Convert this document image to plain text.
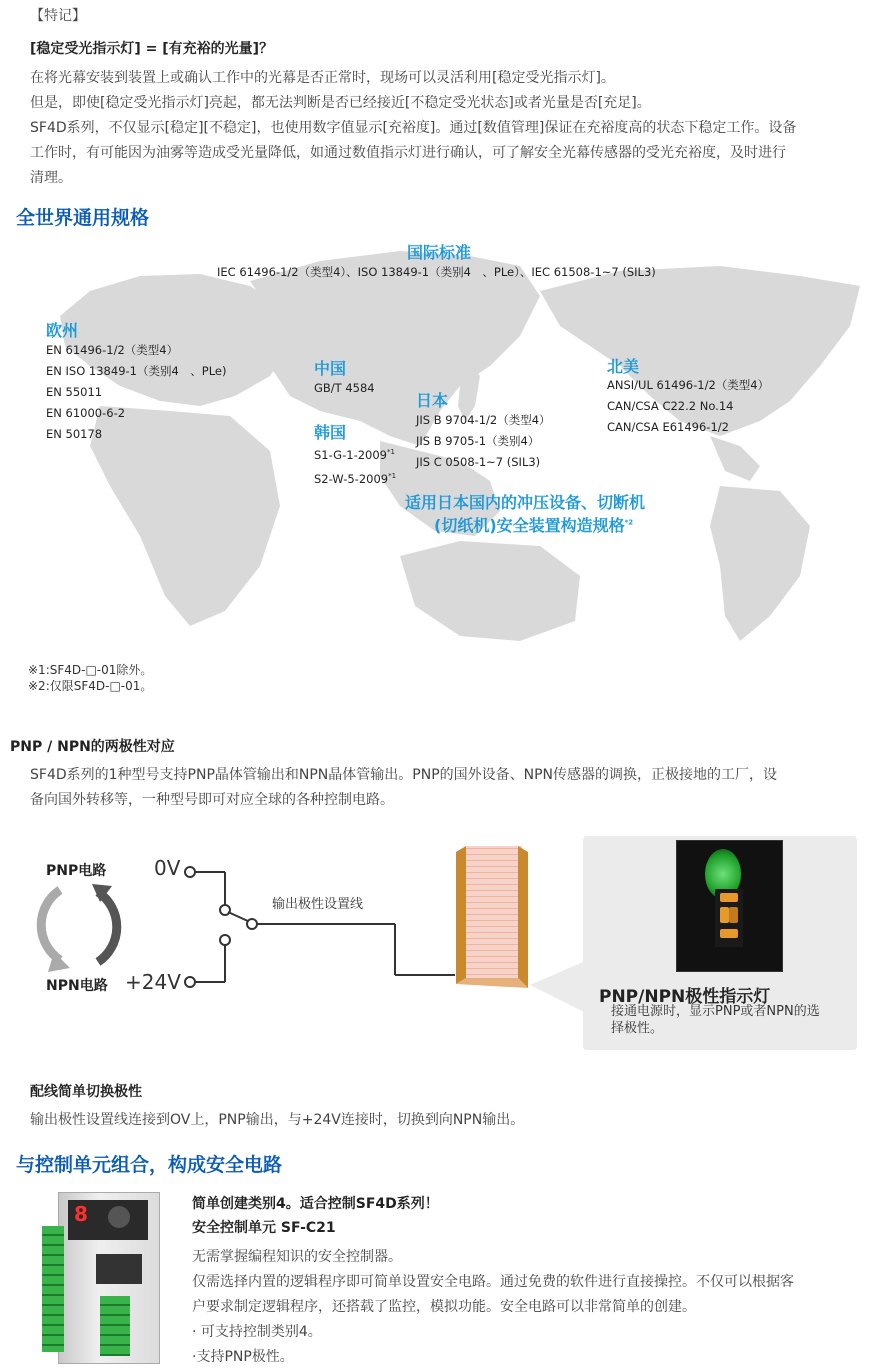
【特记】
[稳定受光指示灯] = [有充裕的光量]？
在将光幕安装到装置上或确认工作中的光幕是否正常时，现场可以灵活利用[稳定受光指示灯]。
但是，即使[稳定受光指示灯]亮起，都无法判断是否已经接近[不稳定受光状态]或者光量是否[充足]。
SF4D系列，不仅显示[稳定][不稳定]，也使用数字值显示[充裕度]。通过[数值管理]保证在充裕度高的状态下稳定工作。设备
工作时，有可能因为油雾等造成受光量降低，如通过数值指示灯进行确认，可了解安全光幕传感器的受光充裕度，及时进行
清理。
全世界通用规格
国际标准
IEC 61496-1/2（类型4）、ISO 13849-1（类别4　、PLe）、IEC 61508-1~7 (SIL3)
欧州
EN 61496-1/2（类型4）
EN ISO 13849-1（类别4　、PLe)
EN 55011
EN 61000-6-2
EN 50178
中国
GB/T 4584
韩国
S1-G-1-2009$^{*1}$
S2-W-5-2009$^{*1}$
日本
JIS B 9704-1/2（类型4）
JIS B 9705-1（类别4）
JIS C 0508-1~7 (SIL3)
北美
ANSI/UL 61496-1/2（类型4）
CAN/CSA C22.2 No.14
CAN/CSA E61496-1/2
适用日本国内的冲压设备、切断机
(切纸机)安全装置构造规格$^{*2}$
※1:SF4D-□-01除外。
※2:仅限SF4D-□-01。
PNP / NPN的两极性对应
SF4D系列的1种型号支持PNP晶体管输出和NPN晶体管输出。PNP的国外设备、NPN传感器的调换，正极接地的工厂，设
备向国外转移等，一种型号即可对应全球的各种控制电路。
PNP电路
NPN电路
0V
+24V
输出极性设置线
PNP/NPN极性指示灯
接通电源时，显示PNP或者NPN的选
择极性。
配线简单切换极性
输出极性设置线连接到OV上，PNP输出，与+24V连接时，切换到向NPN输出。
与控制单元组合，构成安全电路
8	简单创建类别4。适合控制SF4D系列！
安全控制单元 SF-C21
无需掌握编程知识的安全控制器。
仅需选择内置的逻辑程序即可简单设置安全电路。通过免费的软件进行直接操控。不仅可以根据客
户要求制定逻辑程序，还搭载了监控，模拟功能。安全电路可以非常简单的创建。
· 可支持控制类别4。
·支持PNP极性。
